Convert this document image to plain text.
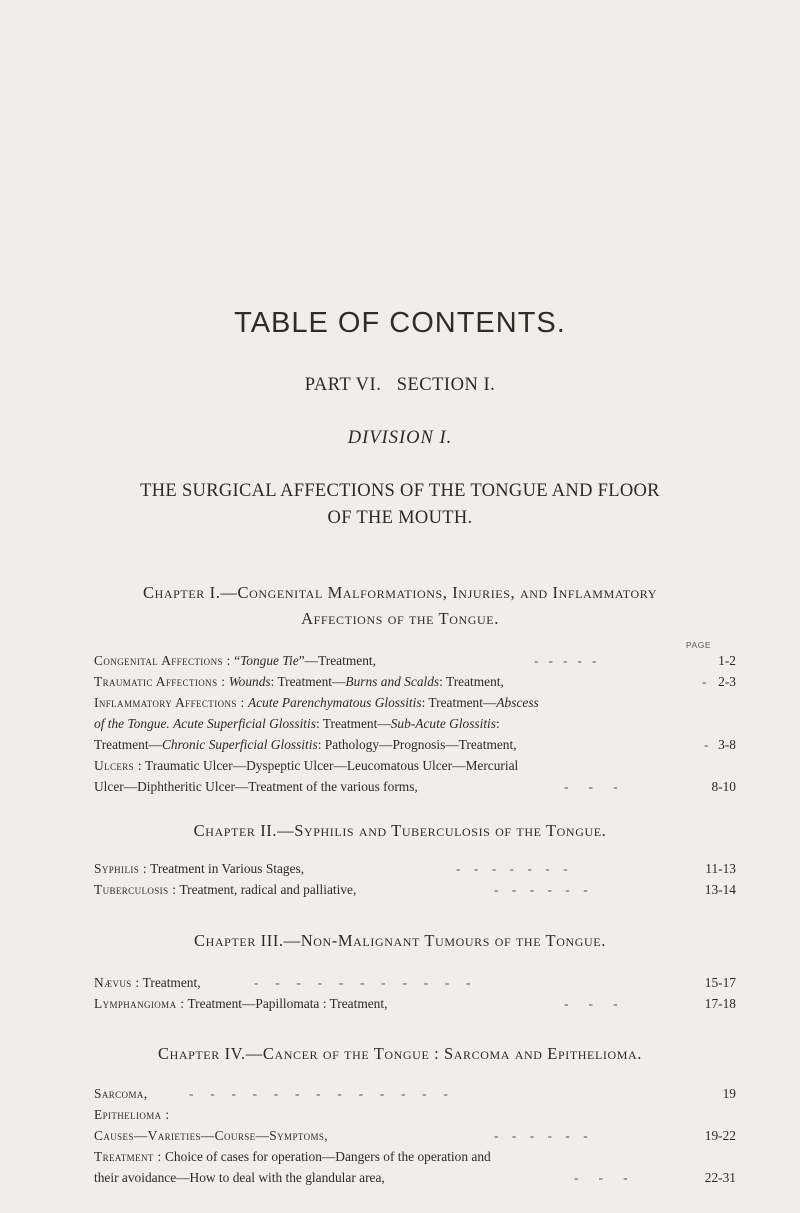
TABLE OF CONTENTS.
PART VI.   SECTION I.
DIVISION I.
THE SURGICAL AFFECTIONS OF THE TONGUE AND FLOOR
OF THE MOUTH.
Chapter I.—Congenital Malformations, Injuries, and Inflammatory
Affections of the Tongue.
PAGE
Congenital Affections : “Tongue Tie”—Treatment,	-   -   -   -   -	1-2
Traumatic Affections : Wounds: Treatment—Burns and Scalds: Treatment,	- 2-3
Inflammatory Affections : Acute Parenchymatous Glossitis: Treatment—Abscess
of the Tongue. Acute Superficial Glossitis: Treatment—Sub-Acute Glossitis:
Treatment—Chronic Superficial Glossitis: Pathology—Prognosis—Treatment,	- 3-8
Ulcers : Traumatic Ulcer—Dyspeptic Ulcer—Leucomatous Ulcer—Mercurial
Ulcer—Diphtheritic Ulcer—Treatment of the various forms,	-      -      -	8-10
Chapter II.—Syphilis and Tuberculosis of the Tongue.
Syphilis : Treatment in Various Stages,	-    -    -    -    -    -    -	11-13
Tuberculosis : Treatment, radical and palliative,	-    -    -    -    -    -	13-14
Chapter III.—Non-Malignant Tumours of the Tongue.
Nævus : Treatment,	-     -     -     -     -     -     -     -     -     -     -	15-17
Lymphangioma : Treatment—Papillomata : Treatment,	-      -      -	17-18
Chapter IV.—Cancer of the Tongue : Sarcoma and Epithelioma.
Sarcoma,	-     -     -     -     -     -     -     -     -     -     -     -     -	19
Epithelioma :
Causes—Varieties—Course—Symptoms,	-    -    -    -    -    -	19-22
Treatment : Choice of cases for operation—Dangers of the operation and
their avoidance—How to deal with the glandular area,	-      -      -	22-31
